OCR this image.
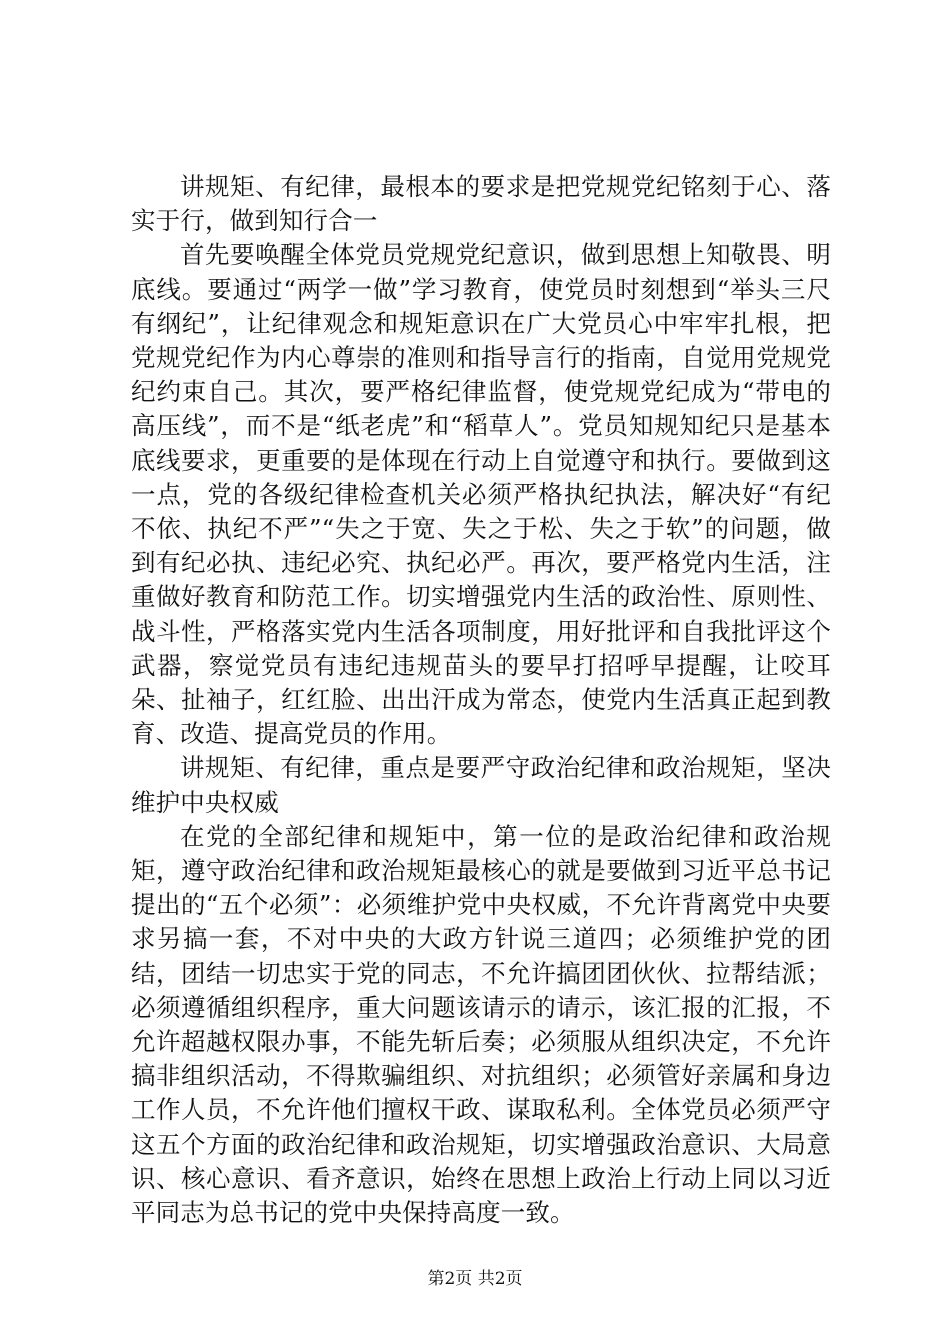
讲规矩、有纪律，最根本的要求是把党规党纪铭刻于心、落实于行，做到知行合一

首先要唤醒全体党员党规党纪意识，做到思想上知敬畏、明底线。要通过“两学一做”学习教育，使党员时刻想到“举头三尺有纲纪”，让纪律观念和规矩意识在广大党员心中牢牢扎根，把党规党纪作为内心尊崇的准则和指导言行的指南，自觉用党规党纪约束自己。其次，要严格纪律监督，使党规党纪成为“带电的高压线”，而不是“纸老虎”和“稻草人”。党员知规知纪只是基本底线要求，更重要的是体现在行动上自觉遵守和执行。要做到这一点，党的各级纪律检查机关必须严格执纪执法，解决好“有纪不依、执纪不严”“失之于宽、失之于松、失之于软”的问题，做到有纪必执、违纪必究、执纪必严。再次，要严格党内生活，注重做好教育和防范工作。切实增强党内生活的政治性、原则性、战斗性，严格落实党内生活各项制度，用好批评和自我批评这个武器，察觉党员有违纪违规苗头的要早打招呼早提醒，让咬耳朵、扯袖子，红红脸、出出汗成为常态，使党内生活真正起到教育、改造、提高党员的作用。

讲规矩、有纪律，重点是要严守政治纪律和政治规矩，坚决维护中央权威

在党的全部纪律和规矩中，第一位的是政治纪律和政治规矩，遵守政治纪律和政治规矩最核心的就是要做到习近平总书记提出的“五个必须”：必须维护党中央权威，不允许背离党中央要求另搞一套，不对中央的大政方针说三道四；必须维护党的团结，团结一切忠实于党的同志，不允许搞团团伙伙、拉帮结派；必须遵循组织程序，重大问题该请示的请示，该汇报的汇报，不允许超越权限办事，不能先斩后奏；必须服从组织决定，不允许搞非组织活动，不得欺骗组织、对抗组织；必须管好亲属和身边工作人员，不允许他们擅权干政、谋取私利。全体党员必须严守这五个方面的政治纪律和政治规矩，切实增强政治意识、大局意识、核心意识、看齐意识，始终在思想上政治上行动上同以习近平同志为总书记的党中央保持高度一致。

第2页 共2页
